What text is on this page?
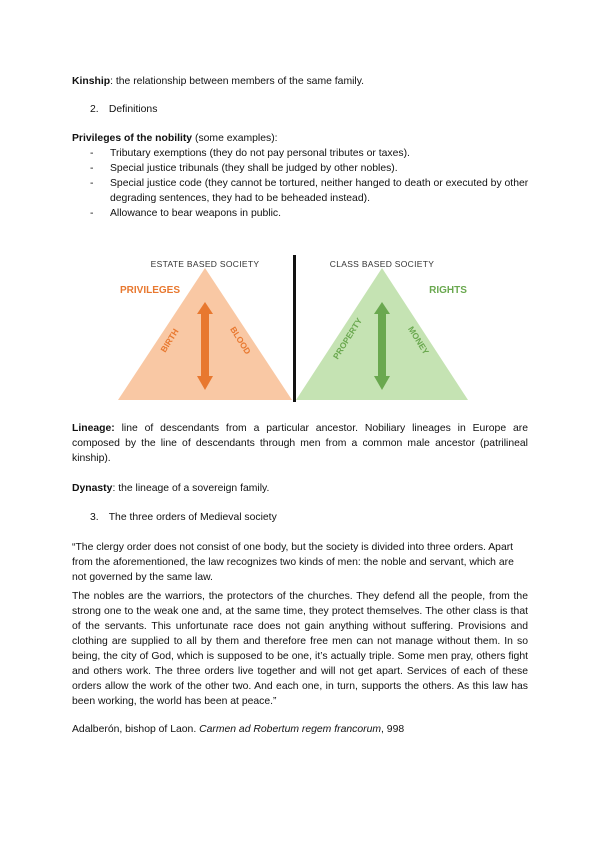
Kinship: the relationship between members of the same family.
2. Definitions
Privileges of the nobility (some examples):
- Tributary exemptions (they do not pay personal tributes or taxes).
- Special justice tribunals (they shall be judged by other nobles).
- Special justice code (they cannot be tortured, neither hanged to death or executed by other degrading sentences, they had to be beheaded instead).
- Allowance to bear weapons in public.
ESTATE BASED SOCIETY
PRIVILEGES
BIRTH	BLOOD
CLASS BASED SOCIETY
RIGHTS
PROPERTY	MONEY
Lineage: line of descendants from a particular ancestor. Nobiliary lineages in Europe are composed by the line of descendants through men from a common male ancestor (patrilineal kinship).
Dynasty: the lineage of a sovereign family.
3. The three orders of Medieval society
“The clergy order does not consist of one body, but the society is divided into three orders. Apart from the aforementioned, the law recognizes two kinds of men: the noble and servant, which are not governed by the same law.
The nobles are the warriors, the protectors of the churches. They defend all the people, from the strong one to the weak one and, at the same time, they protect themselves. The other class is that of the servants. This unfortunate race does not gain anything without suffering. Provisions and clothing are supplied to all by them and therefore free men can not manage without them. In so being, the city of God, which is supposed to be one, it’s actually triple. Some men pray, others fight and others work. The three orders live together and will not get apart. Services of each of these orders allow the work of the other two. And each one, in turn, supports the others. As this law has been working, the world has been at peace.”
Adalberón, bishop of Laon. Carmen ad Robertum regem francorum, 998
